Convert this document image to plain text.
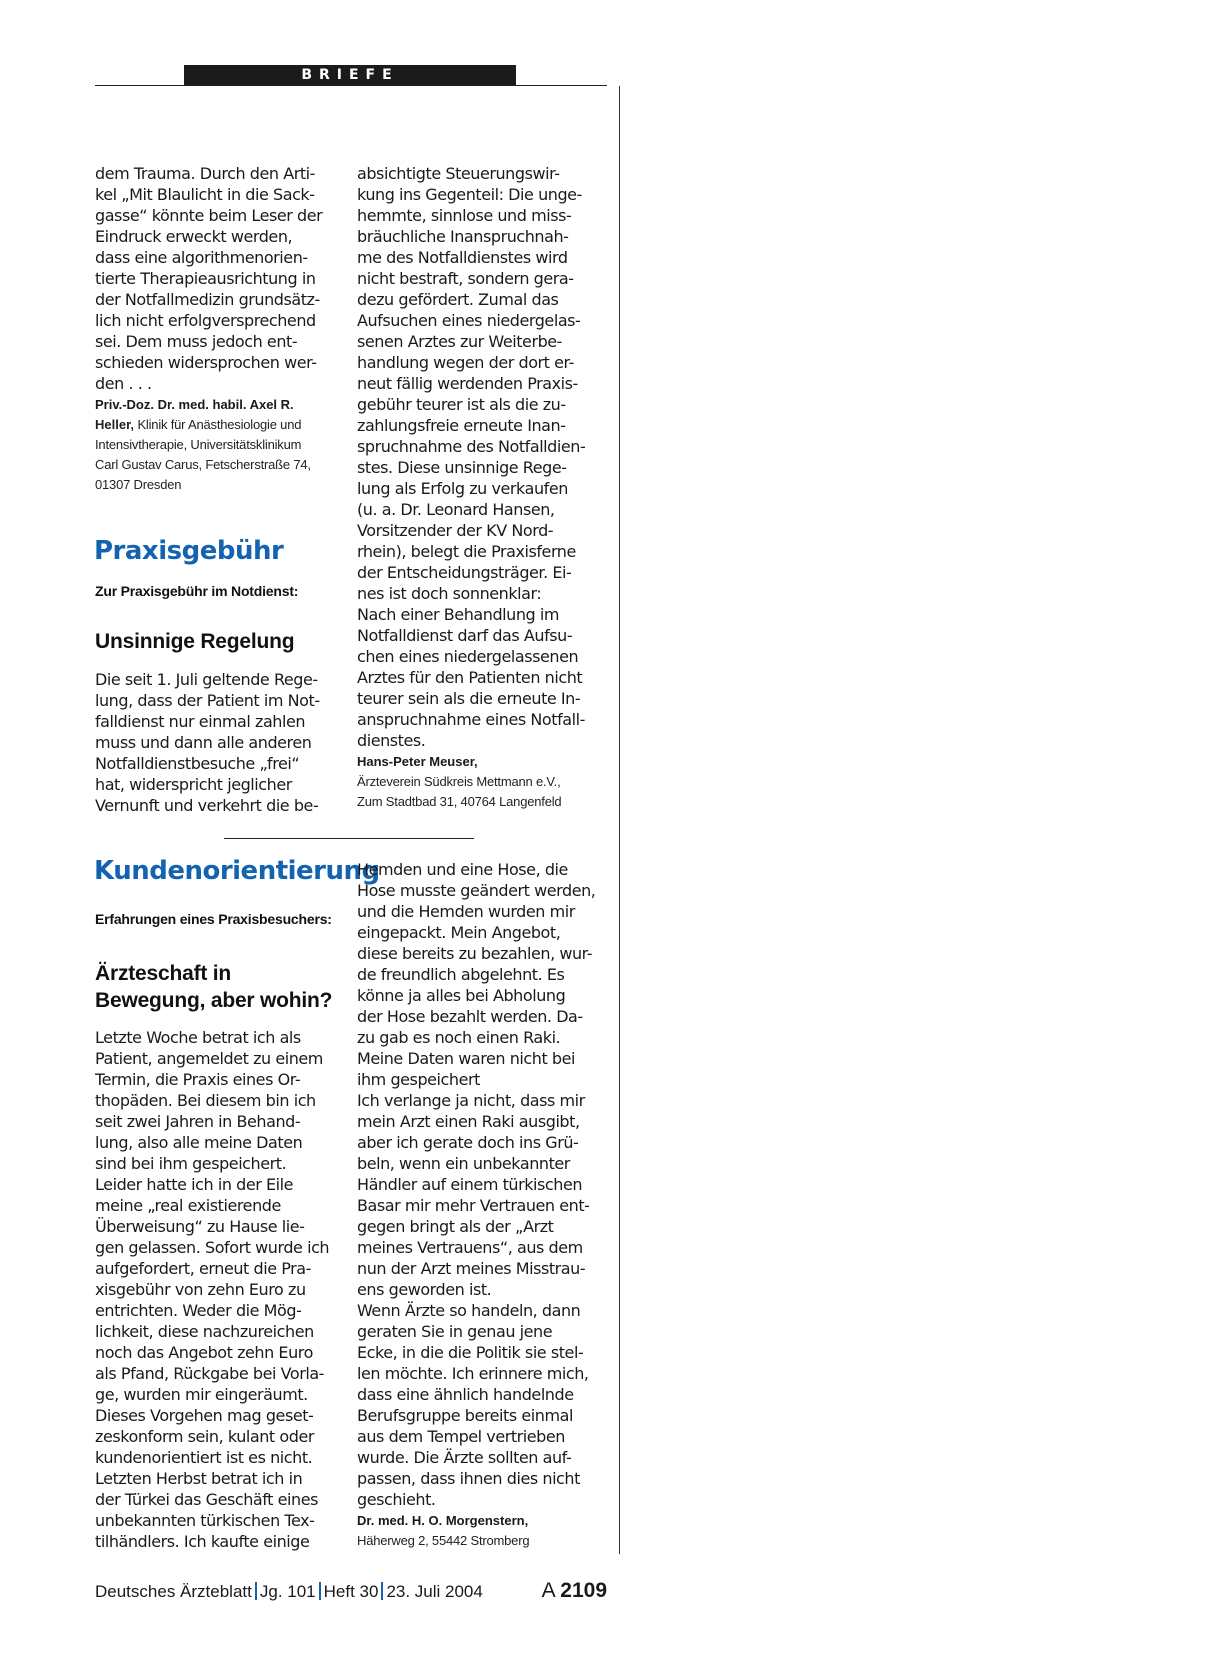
BRIEFE
dem Trauma. Durch den Arti-
kel „Mit Blaulicht in die Sack-
gasse“ könnte beim Leser der
Eindruck erweckt werden,
dass eine algorithmenorien-
tierte Therapieausrichtung in
der Notfallmedizin grundsätz-
lich nicht erfolgversprechend
sei. Dem muss jedoch ent-
schieden widersprochen wer-
den . . .
Priv.-Doz. Dr. med. habil. Axel R.
Heller, Klinik für Anästhesiologie und
Intensivtherapie, Universitätsklinikum
Carl Gustav Carus, Fetscherstraße 74,
01307 Dresden
Praxisgebühr
Zur Praxisgebühr im Notdienst:
Unsinnige Regelung
Die seit 1. Juli geltende Rege-
lung, dass der Patient im Not-
falldienst nur einmal zahlen
muss und dann alle anderen
Notfalldienstbesuche „frei“
hat, widerspricht jeglicher
Vernunft und verkehrt die be-
absichtigte Steuerungswir-
kung ins Gegenteil: Die unge-
hemmte, sinnlose und miss-
bräuchliche Inanspruchnah-
me des Notfalldienstes wird
nicht bestraft, sondern gera-
dezu gefördert. Zumal das
Aufsuchen eines niedergelas-
senen Arztes zur Weiterbe-
handlung wegen der dort er-
neut fällig werdenden Praxis-
gebühr teurer ist als die zu-
zahlungsfreie erneute Inan-
spruchnahme des Notfalldien-
stes. Diese unsinnige Rege-
lung als Erfolg zu verkaufen
(u. a. Dr. Leonard Hansen,
Vorsitzender der KV Nord-
rhein), belegt die Praxisferne
der Entscheidungsträger. Ei-
nes ist doch sonnenklar:
Nach einer Behandlung im
Notfalldienst darf das Aufsu-
chen eines niedergelassenen
Arztes für den Patienten nicht
teurer sein als die erneute In-
anspruchnahme eines Notfall-
dienstes.
Hans-Peter Meuser,
Ärzteverein Südkreis Mettmann e.V.,
Zum Stadtbad 31, 40764 Langenfeld
Kundenorientierung
Erfahrungen eines Praxisbesuchers:
Ärzteschaft in
Bewegung, aber wohin?
Letzte Woche betrat ich als
Patient, angemeldet zu einem
Termin, die Praxis eines Or-
thopäden. Bei diesem bin ich
seit zwei Jahren in Behand-
lung, also alle meine Daten
sind bei ihm gespeichert.
Leider hatte ich in der Eile
meine „real existierende
Überweisung“ zu Hause lie-
gen gelassen. Sofort wurde ich
aufgefordert, erneut die Pra-
xisgebühr von zehn Euro zu
entrichten. Weder die Mög-
lichkeit, diese nachzureichen
noch das Angebot zehn Euro
als Pfand, Rückgabe bei Vorla-
ge, wurden mir eingeräumt.
Dieses Vorgehen mag geset-
zeskonform sein, kulant oder
kundenorientiert ist es nicht.
Letzten Herbst betrat ich in
der Türkei das Geschäft eines
unbekannten türkischen Tex-
tilhändlers. Ich kaufte einige
Hemden und eine Hose, die
Hose musste geändert werden,
und die Hemden wurden mir
eingepackt. Mein Angebot,
diese bereits zu bezahlen, wur-
de freundlich abgelehnt. Es
könne ja alles bei Abholung
der Hose bezahlt werden. Da-
zu gab es noch einen Raki.
Meine Daten waren nicht bei
ihm gespeichert
Ich verlange ja nicht, dass mir
mein Arzt einen Raki ausgibt,
aber ich gerate doch ins Grü-
beln, wenn ein unbekannter
Händler auf einem türkischen
Basar mir mehr Vertrauen ent-
gegen bringt als der „Arzt
meines Vertrauens“, aus dem
nun der Arzt meines Misstrau-
ens geworden ist.
Wenn Ärzte so handeln, dann
geraten Sie in genau jene
Ecke, in die die Politik sie stel-
len möchte. Ich erinnere mich,
dass eine ähnlich handelnde
Berufsgruppe bereits einmal
aus dem Tempel vertrieben
wurde. Die Ärzte sollten auf-
passen, dass ihnen dies nicht
geschieht.
Dr. med. H. O. Morgenstern,
Häherweg 2, 55442 Stromberg
Deutsches Ärzteblatt Jg. 101 Heft 30 23. Juli 2004	A 2109
